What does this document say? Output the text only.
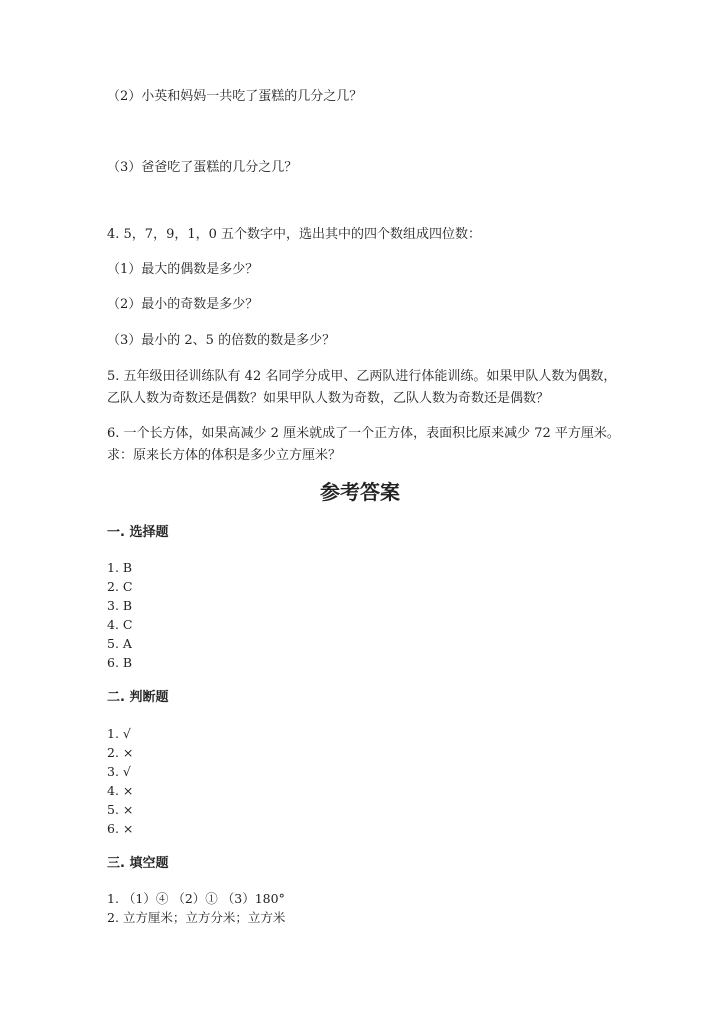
（2）小英和妈妈一共吃了蛋糕的几分之几？
（3）爸爸吃了蛋糕的几分之几？
4. 5，7，9，1，0 五个数字中，选出其中的四个数组成四位数：
（1）最大的偶数是多少？
（2）最小的奇数是多少？
（3）最小的 2、5 的倍数的数是多少？
5. 五年级田径训练队有 42 名同学分成甲、乙两队进行体能训练。如果甲队人数为偶数，乙队人数为奇数还是偶数？如果甲队人数为奇数，乙队人数为奇数还是偶数？
6. 一个长方体，如果高减少 2 厘米就成了一个正方体，表面积比原来减少 72 平方厘米。求：原来长方体的体积是多少立方厘米？
参考答案
一. 选择题
1. B
2. C
3. B
4. C
5. A
6. B
二. 判断题
1. √
2. ×
3. √
4. ×
5. ×
6. ×
三. 填空题
1. （1）④ （2）① （3）180°
2. 立方厘米；立方分米；立方米
